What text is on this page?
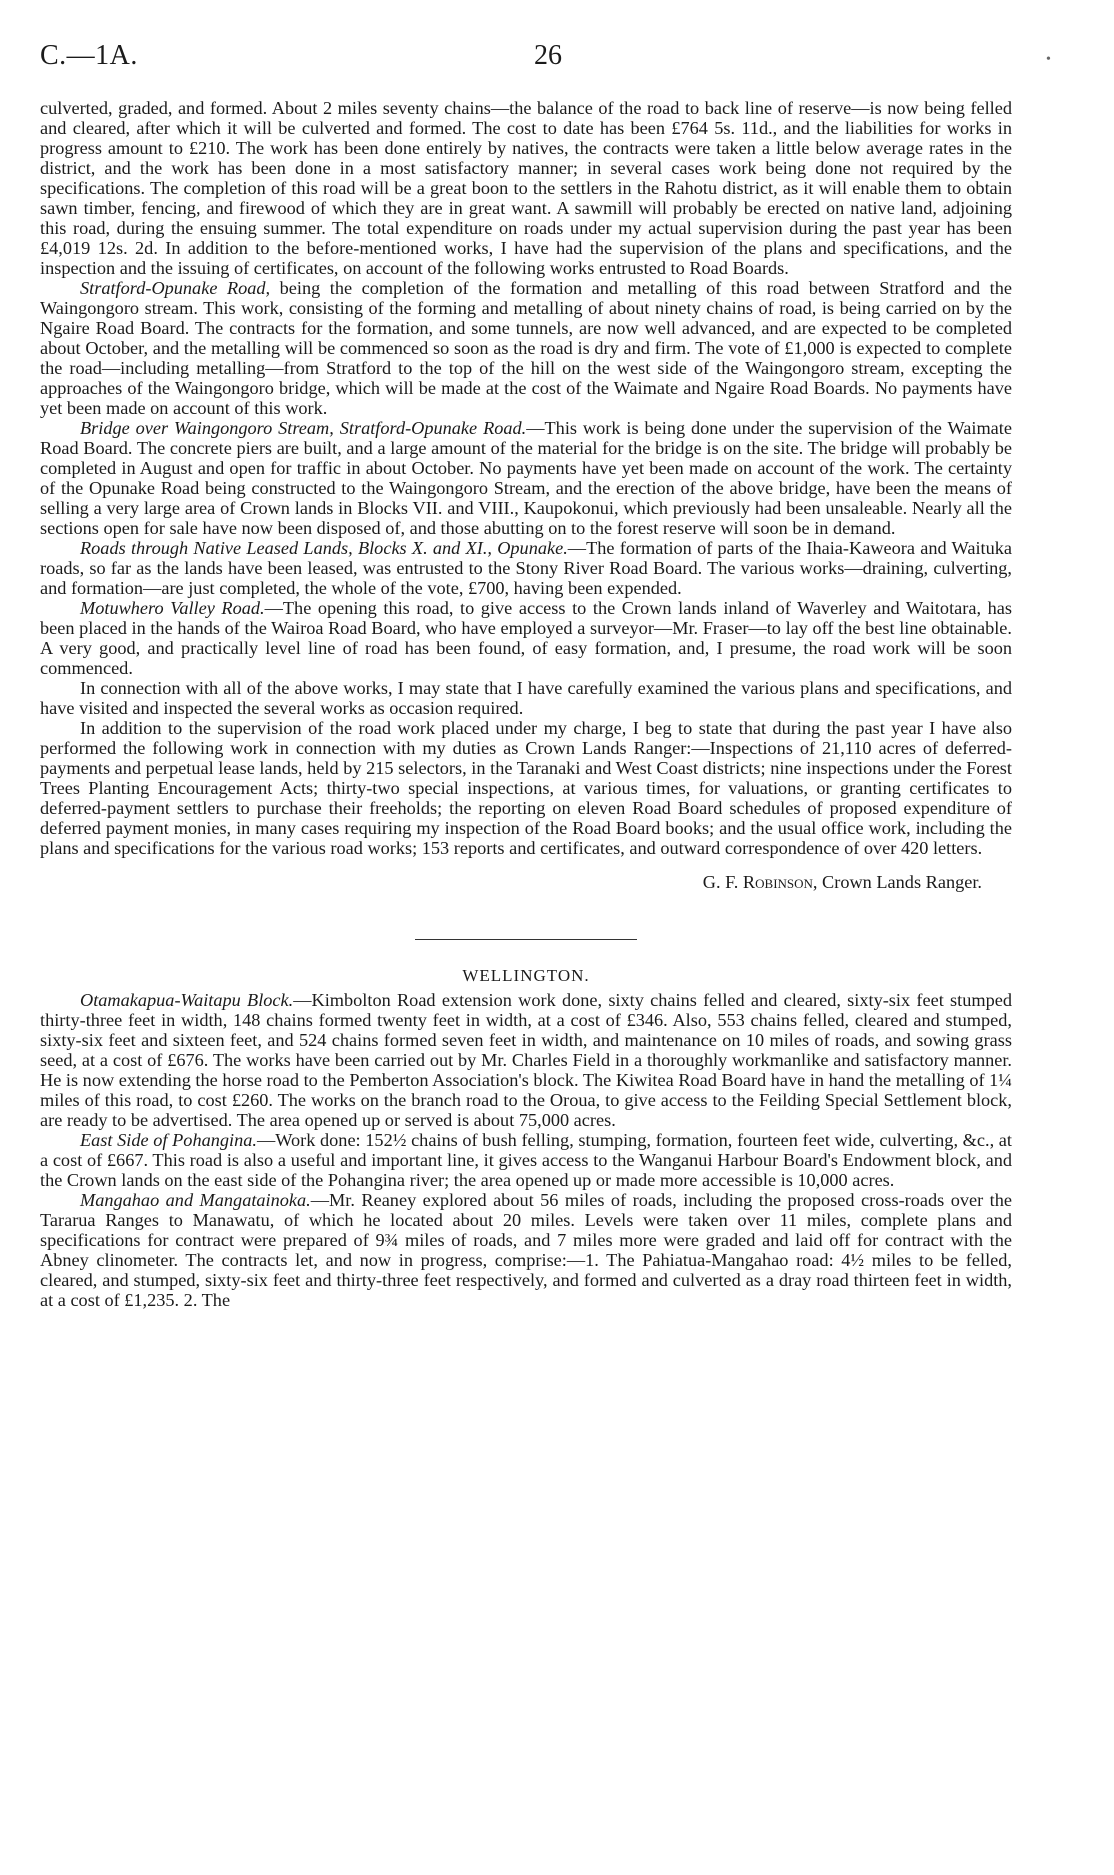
C.—1A.	26	•

culverted, graded, and formed. About 2 miles seventy chains—the balance of the road to back line of reserve—is now being felled and cleared, after which it will be culverted and formed. The cost to date has been £764 5s. 11d., and the liabilities for works in progress amount to £210. The work has been done entirely by natives, the contracts were taken a little below average rates in the district, and the work has been done in a most satisfactory manner; in several cases work being done not required by the specifications. The completion of this road will be a great boon to the settlers in the Rahotu district, as it will enable them to obtain sawn timber, fencing, and firewood of which they are in great want. A sawmill will probably be erected on native land, adjoining this road, during the ensuing summer. The total expenditure on roads under my actual supervision during the past year has been £4,019 12s. 2d. In addition to the before-mentioned works, I have had the supervision of the plans and specifications, and the inspection and the issuing of certificates, on account of the following works entrusted to Road Boards.

Stratford-Opunake Road, being the completion of the formation and metalling of this road between Stratford and the Waingongoro stream. This work, consisting of the forming and metalling of about ninety chains of road, is being carried on by the Ngaire Road Board. The contracts for the formation, and some tunnels, are now well advanced, and are expected to be completed about October, and the metalling will be commenced so soon as the road is dry and firm. The vote of £1,000 is expected to complete the road—including metalling—from Stratford to the top of the hill on the west side of the Waingongoro stream, excepting the approaches of the Waingongoro bridge, which will be made at the cost of the Waimate and Ngaire Road Boards. No payments have yet been made on account of this work.

Bridge over Waingongoro Stream, Stratford-Opunake Road.—This work is being done under the supervision of the Waimate Road Board. The concrete piers are built, and a large amount of the material for the bridge is on the site. The bridge will probably be completed in August and open for traffic in about October. No payments have yet been made on account of the work. The certainty of the Opunake Road being constructed to the Waingongoro Stream, and the erection of the above bridge, have been the means of selling a very large area of Crown lands in Blocks VII. and VIII., Kaupokonui, which previously had been unsaleable. Nearly all the sections open for sale have now been disposed of, and those abutting on to the forest reserve will soon be in demand.

Roads through Native Leased Lands, Blocks X. and XI., Opunake.—The formation of parts of the Ihaia-Kaweora and Waituka roads, so far as the lands have been leased, was entrusted to the Stony River Road Board. The various works—draining, culverting, and formation—are just completed, the whole of the vote, £700, having been expended.

Motuwhero Valley Road.—The opening this road, to give access to the Crown lands inland of Waverley and Waitotara, has been placed in the hands of the Wairoa Road Board, who have employed a surveyor—Mr. Fraser—to lay off the best line obtainable. A very good, and practically level line of road has been found, of easy formation, and, I presume, the road work will be soon commenced.

In connection with all of the above works, I may state that I have carefully examined the various plans and specifications, and have visited and inspected the several works as occasion required.

In addition to the supervision of the road work placed under my charge, I beg to state that during the past year I have also performed the following work in connection with my duties as Crown Lands Ranger:—Inspections of 21,110 acres of deferred-payments and perpetual lease lands, held by 215 selectors, in the Taranaki and West Coast districts; nine inspections under the Forest Trees Planting Encouragement Acts; thirty-two special inspections, at various times, for valuations, or granting certificates to deferred-payment settlers to purchase their freeholds; the reporting on eleven Road Board schedules of proposed expenditure of deferred payment monies, in many cases requiring my inspection of the Road Board books; and the usual office work, including the plans and specifications for the various road works; 153 reports and certificates, and outward correspondence of over 420 letters.

G. F. Robinson, Crown Lands Ranger.
WELLINGTON.

Otamakapua-Waitapu Block.—Kimbolton Road extension work done, sixty chains felled and cleared, sixty-six feet stumped thirty-three feet in width, 148 chains formed twenty feet in width, at a cost of £346. Also, 553 chains felled, cleared and stumped, sixty-six feet and sixteen feet, and 524 chains formed seven feet in width, and maintenance on 10 miles of roads, and sowing grass seed, at a cost of £676. The works have been carried out by Mr. Charles Field in a thoroughly workmanlike and satisfactory manner. He is now extending the horse road to the Pemberton Association's block. The Kiwitea Road Board have in hand the metalling of 1¼ miles of this road, to cost £260. The works on the branch road to the Oroua, to give access to the Feilding Special Settlement block, are ready to be advertised. The area opened up or served is about 75,000 acres.

East Side of Pohangina.—Work done: 152½ chains of bush felling, stumping, formation, fourteen feet wide, culverting, &c., at a cost of £667. This road is also a useful and important line, it gives access to the Wanganui Harbour Board's Endowment block, and the Crown lands on the east side of the Pohangina river; the area opened up or made more accessible is 10,000 acres.

Mangahao and Mangatainoka.—Mr. Reaney explored about 56 miles of roads, including the proposed cross-roads over the Tararua Ranges to Manawatu, of which he located about 20 miles. Levels were taken over 11 miles, complete plans and specifications for contract were prepared of 9¾ miles of roads, and 7 miles more were graded and laid off for contract with the Abney clinometer. The contracts let, and now in progress, comprise:—1. The Pahiatua-Mangahao road: 4½ miles to be felled, cleared, and stumped, sixty-six feet and thirty-three feet respectively, and formed and culverted as a dray road thirteen feet in width, at a cost of £1,235. 2. The
